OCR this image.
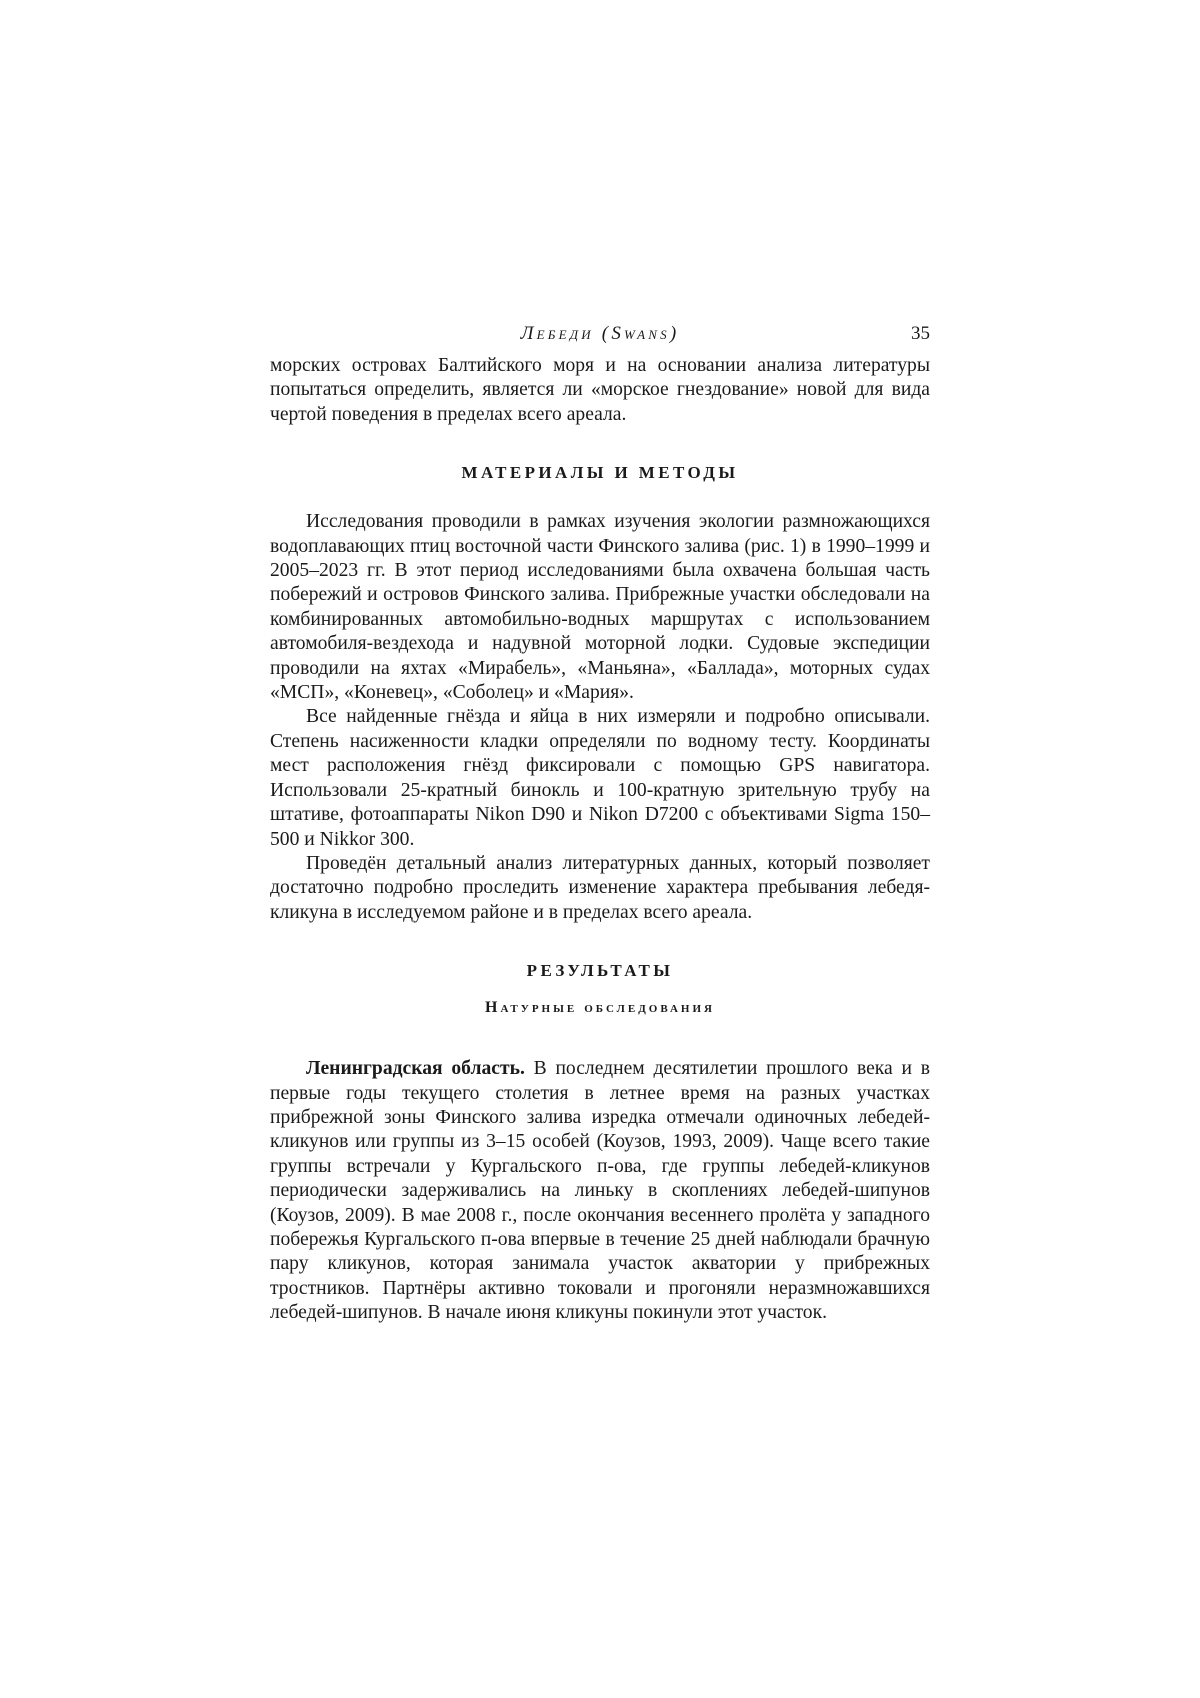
Лебеди (Swans)	35

морских островах Балтийского моря и на основании анализа литературы попытаться определить, является ли «морское гнездование» новой для вида чертой поведения в пределах всего ареала.

МАТЕРИАЛЫ И МЕТОДЫ

Исследования проводили в рамках изучения экологии размножающихся водоплавающих птиц восточной части Финского залива (рис. 1) в 1990–1999 и 2005–2023 гг. В этот период исследованиями была охвачена большая часть побережий и островов Финского залива. Прибрежные участки обследовали на комбинированных автомобильно-водных маршрутах с использованием автомобиля-вездехода и надувной моторной лодки. Судовые экспедиции проводили на яхтах «Мирабель», «Маньяна», «Баллада», моторных судах «МСП», «Коневец», «Соболец» и «Мария».

Все найденные гнёзда и яйца в них измеряли и подробно описывали. Степень насиженности кладки определяли по водному тесту. Координаты мест расположения гнёзд фиксировали с помощью GPS навигатора. Использовали 25-кратный бинокль и 100-кратную зрительную трубу на штативе, фотоаппараты Nikon D90 и Nikon D7200 с объективами Sigma 150–500 и Nikkor 300.

Проведён детальный анализ литературных данных, который позволяет достаточно подробно проследить изменение характера пребывания лебедя-кликуна в исследуемом районе и в пределах всего ареала.

РЕЗУЛЬТАТЫ
Натурные обследования

Ленинградская область. В последнем десятилетии прошлого века и в первые годы текущего столетия в летнее время на разных участках прибрежной зоны Финского залива изредка отмечали одиночных лебедей-кликунов или группы из 3–15 особей (Коузов, 1993, 2009). Чаще всего такие группы встречали у Кургальского п-ова, где группы лебедей-кликунов периодически задерживались на линьку в скоплениях лебедей-шипунов (Коузов, 2009). В мае 2008 г., после окончания весеннего пролёта у западного побережья Кургальского п-ова впервые в течение 25 дней наблюдали брачную пару кликунов, которая занимала участок акватории у прибрежных тростников. Партнёры активно токовали и прогоняли неразмножавшихся лебедей-шипунов. В начале июня кликуны покинули этот участок.
